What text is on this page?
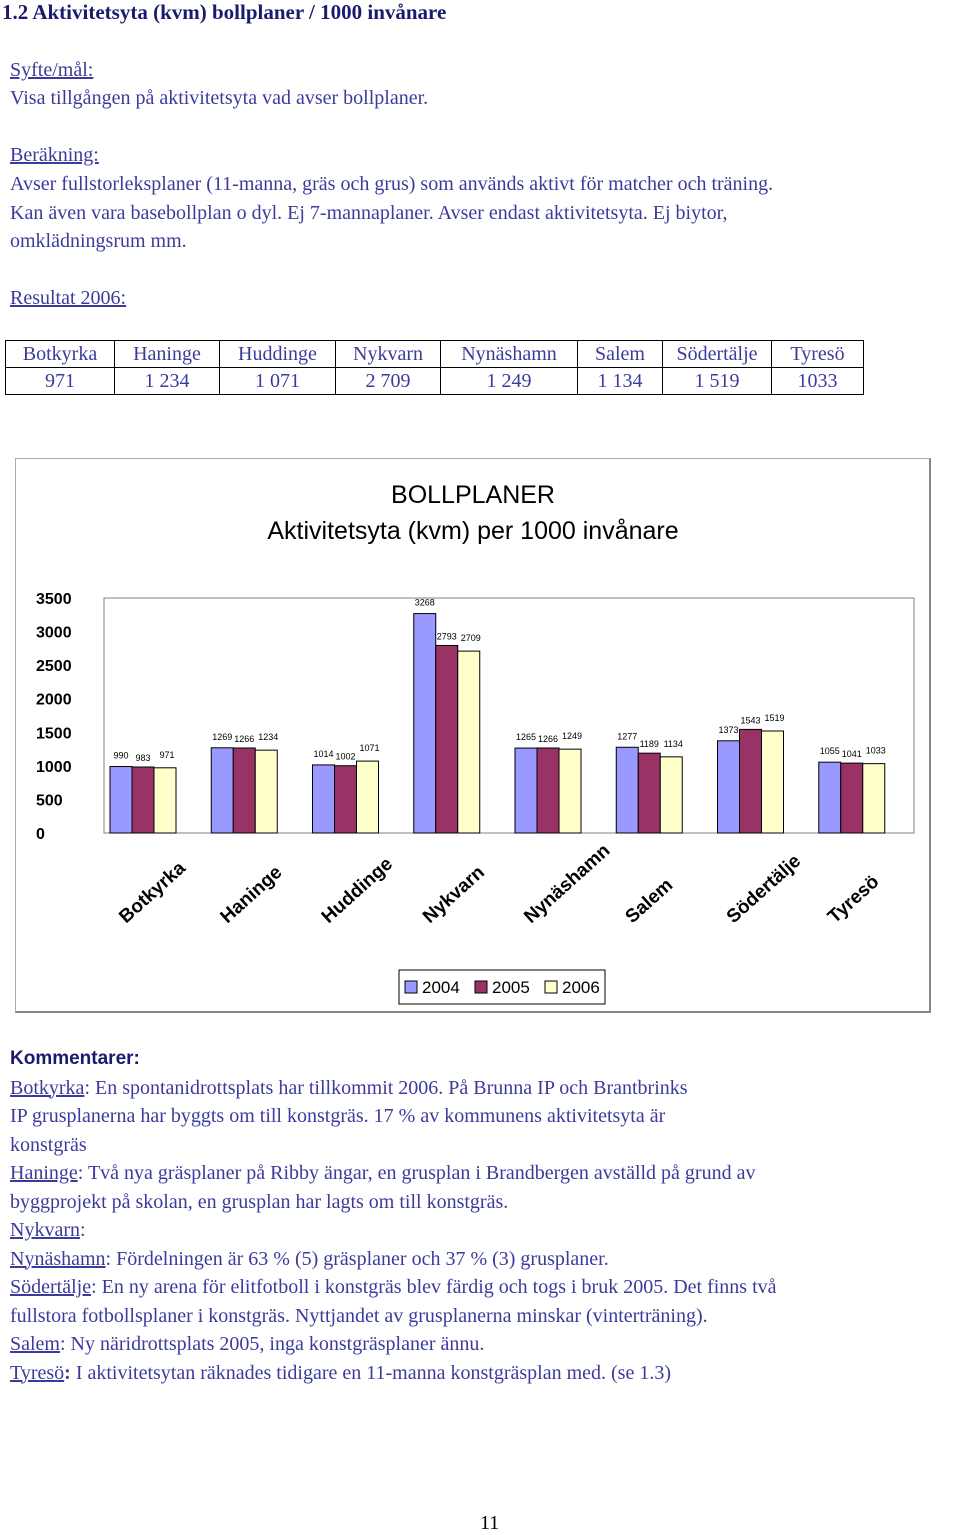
1.2 Aktivitetsyta (kvm) bollplaner / 1000 invånare
Syfte/mål:
Visa tillgången på aktivitetsyta vad avser bollplaner.
Beräkning:
Avser fullstorleksplaner (11-manna, gräs och grus) som används aktivt för matcher och träning.
Kan även vara basebollplan o dyl. Ej 7-mannaplaner. Avser endast aktivitetsyta. Ej biytor,
omklädningsrum mm.
Resultat 2006:
Botkyrka	Haninge	Huddinge	Nykvarn	Nynäshamn	Salem	Södertälje	Tyresö
971	1 234	1 071	2 709	1 249	1 134	1 519	1033
BOLLPLANER
Aktivitetsyta (kvm) per 1000 invånare
0
500
1000
1500
2000
2500
3000
3500
990 983 971
Botkyrka
1269 1266 1234
Haninge
1014 1002
1071
Huddinge
3268
2793 2709
Nykvarn
1265 1266 1249
Nynäshamn
1277
1189 1134
Salem
1373
1543 1519
Södertälje
1055 1041 1033
Tyresö
2004 2005 2006
Kommentarer:
Botkyrka: En spontanidrottsplats har tillkommit 2006. På Brunna IP och Brantbrinks
IP grusplanerna har byggts om till konstgräs. 17 % av kommunens aktivitetsyta är
konstgräs
Haninge: Två nya gräsplaner på Ribby ängar, en grusplan i Brandbergen avställd på grund av
byggprojekt på skolan, en grusplan har lagts om till konstgräs.
Nykvarn:
Nynäshamn: Fördelningen är 63 % (5) gräsplaner och 37 % (3) grusplaner.
Södertälje: En ny arena för elitfotboll i konstgräs blev färdig och togs i bruk 2005. Det finns två
fullstora fotbollsplaner i konstgräs. Nyttjandet av grusplanerna minskar (vinterträning).
Salem: Ny näridrottsplats 2005, inga konstgräsplaner ännu.
Tyresö: I aktivitetsytan räknades tidigare en 11-manna konstgräsplan med. (se 1.3)
11
